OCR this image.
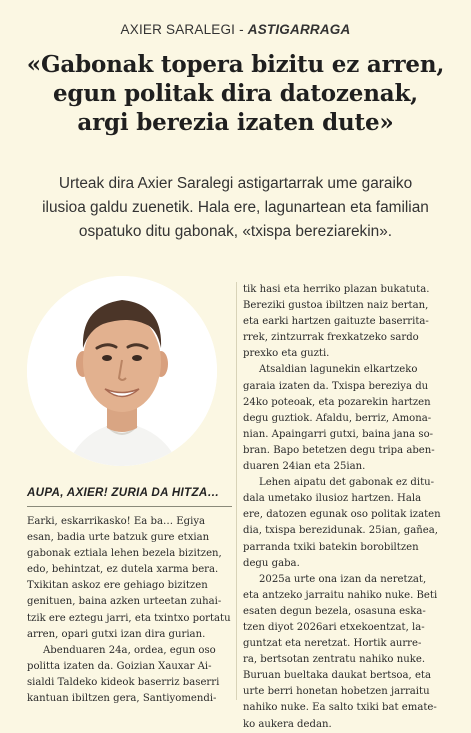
AXIER SARALEGI - ASTIGARRAGA
«Gabonak topera bizitu ez arren,
egun politak dira datozenak,
argi berezia izaten dute»
Urteak dira Axier Saralegi astigartarrak ume garaiko
ilusioa galdu zuenetik. Hala ere, lagunartean eta familian
ospatuko ditu gabonak, «txispa bereziarekin».
AUPA, AXIER! ZURIA DA HITZA…
Earki, eskarrikasko! Ea ba… Egiya
esan, badia urte batzuk gure etxian
gabonak eztiala lehen bezela bizitzen,
edo, behintzat, ez dutela xarma bera.
Txikitan askoz ere gehiago bizitzen
genituen, baina azken urteetan zuhai-
tzik ere eztegu jarri, eta txintxo portatu
arren, opari gutxi izan dira gurian.
Abenduaren 24a, ordea, egun oso
politta izaten da. Goizian Xauxar Ai-
sialdi Taldeko kideok baserriz baserri
kantuan ibiltzen gera, Santiyomendi-
tik hasi eta herriko plazan bukatuta.
Bereziki gustoa ibiltzen naiz bertan,
eta earki hartzen gaituzte baserrita-
rrek, zintzurrak frexkatzeko sardo
prexko eta guzti.
Atsaldian lagunekin elkartzeko
garaia izaten da. Txispa bereziya du
24ko poteoak, eta pozarekin hartzen
degu guztiok. Afaldu, berriz, Amona-
nian. Apaingarri gutxi, baina jana so-
bran. Bapo betetzen degu tripa aben-
duaren 24ian eta 25ian.
Lehen aipatu det gabonak ez ditu-
dala umetako ilusioz hartzen. Hala
ere, datozen egunak oso politak izaten
dia, txispa berezidunak. 25ian, gañea,
parranda txiki batekin borobiltzen
degu gaba.
2025a urte ona izan da neretzat,
eta antzeko jarraitu nahiko nuke. Beti
esaten degun bezela, osasuna eska-
tzen diyot 2026ari etxekoentzat, la-
guntzat eta neretzat. Hortik aurre-
ra, bertsotan zentratu nahiko nuke.
Buruan bueltaka daukat bertsoa, eta
urte berri honetan hobetzen jarraitu
nahiko nuke. Ea salto txiki bat emate-
ko aukera dedan.
